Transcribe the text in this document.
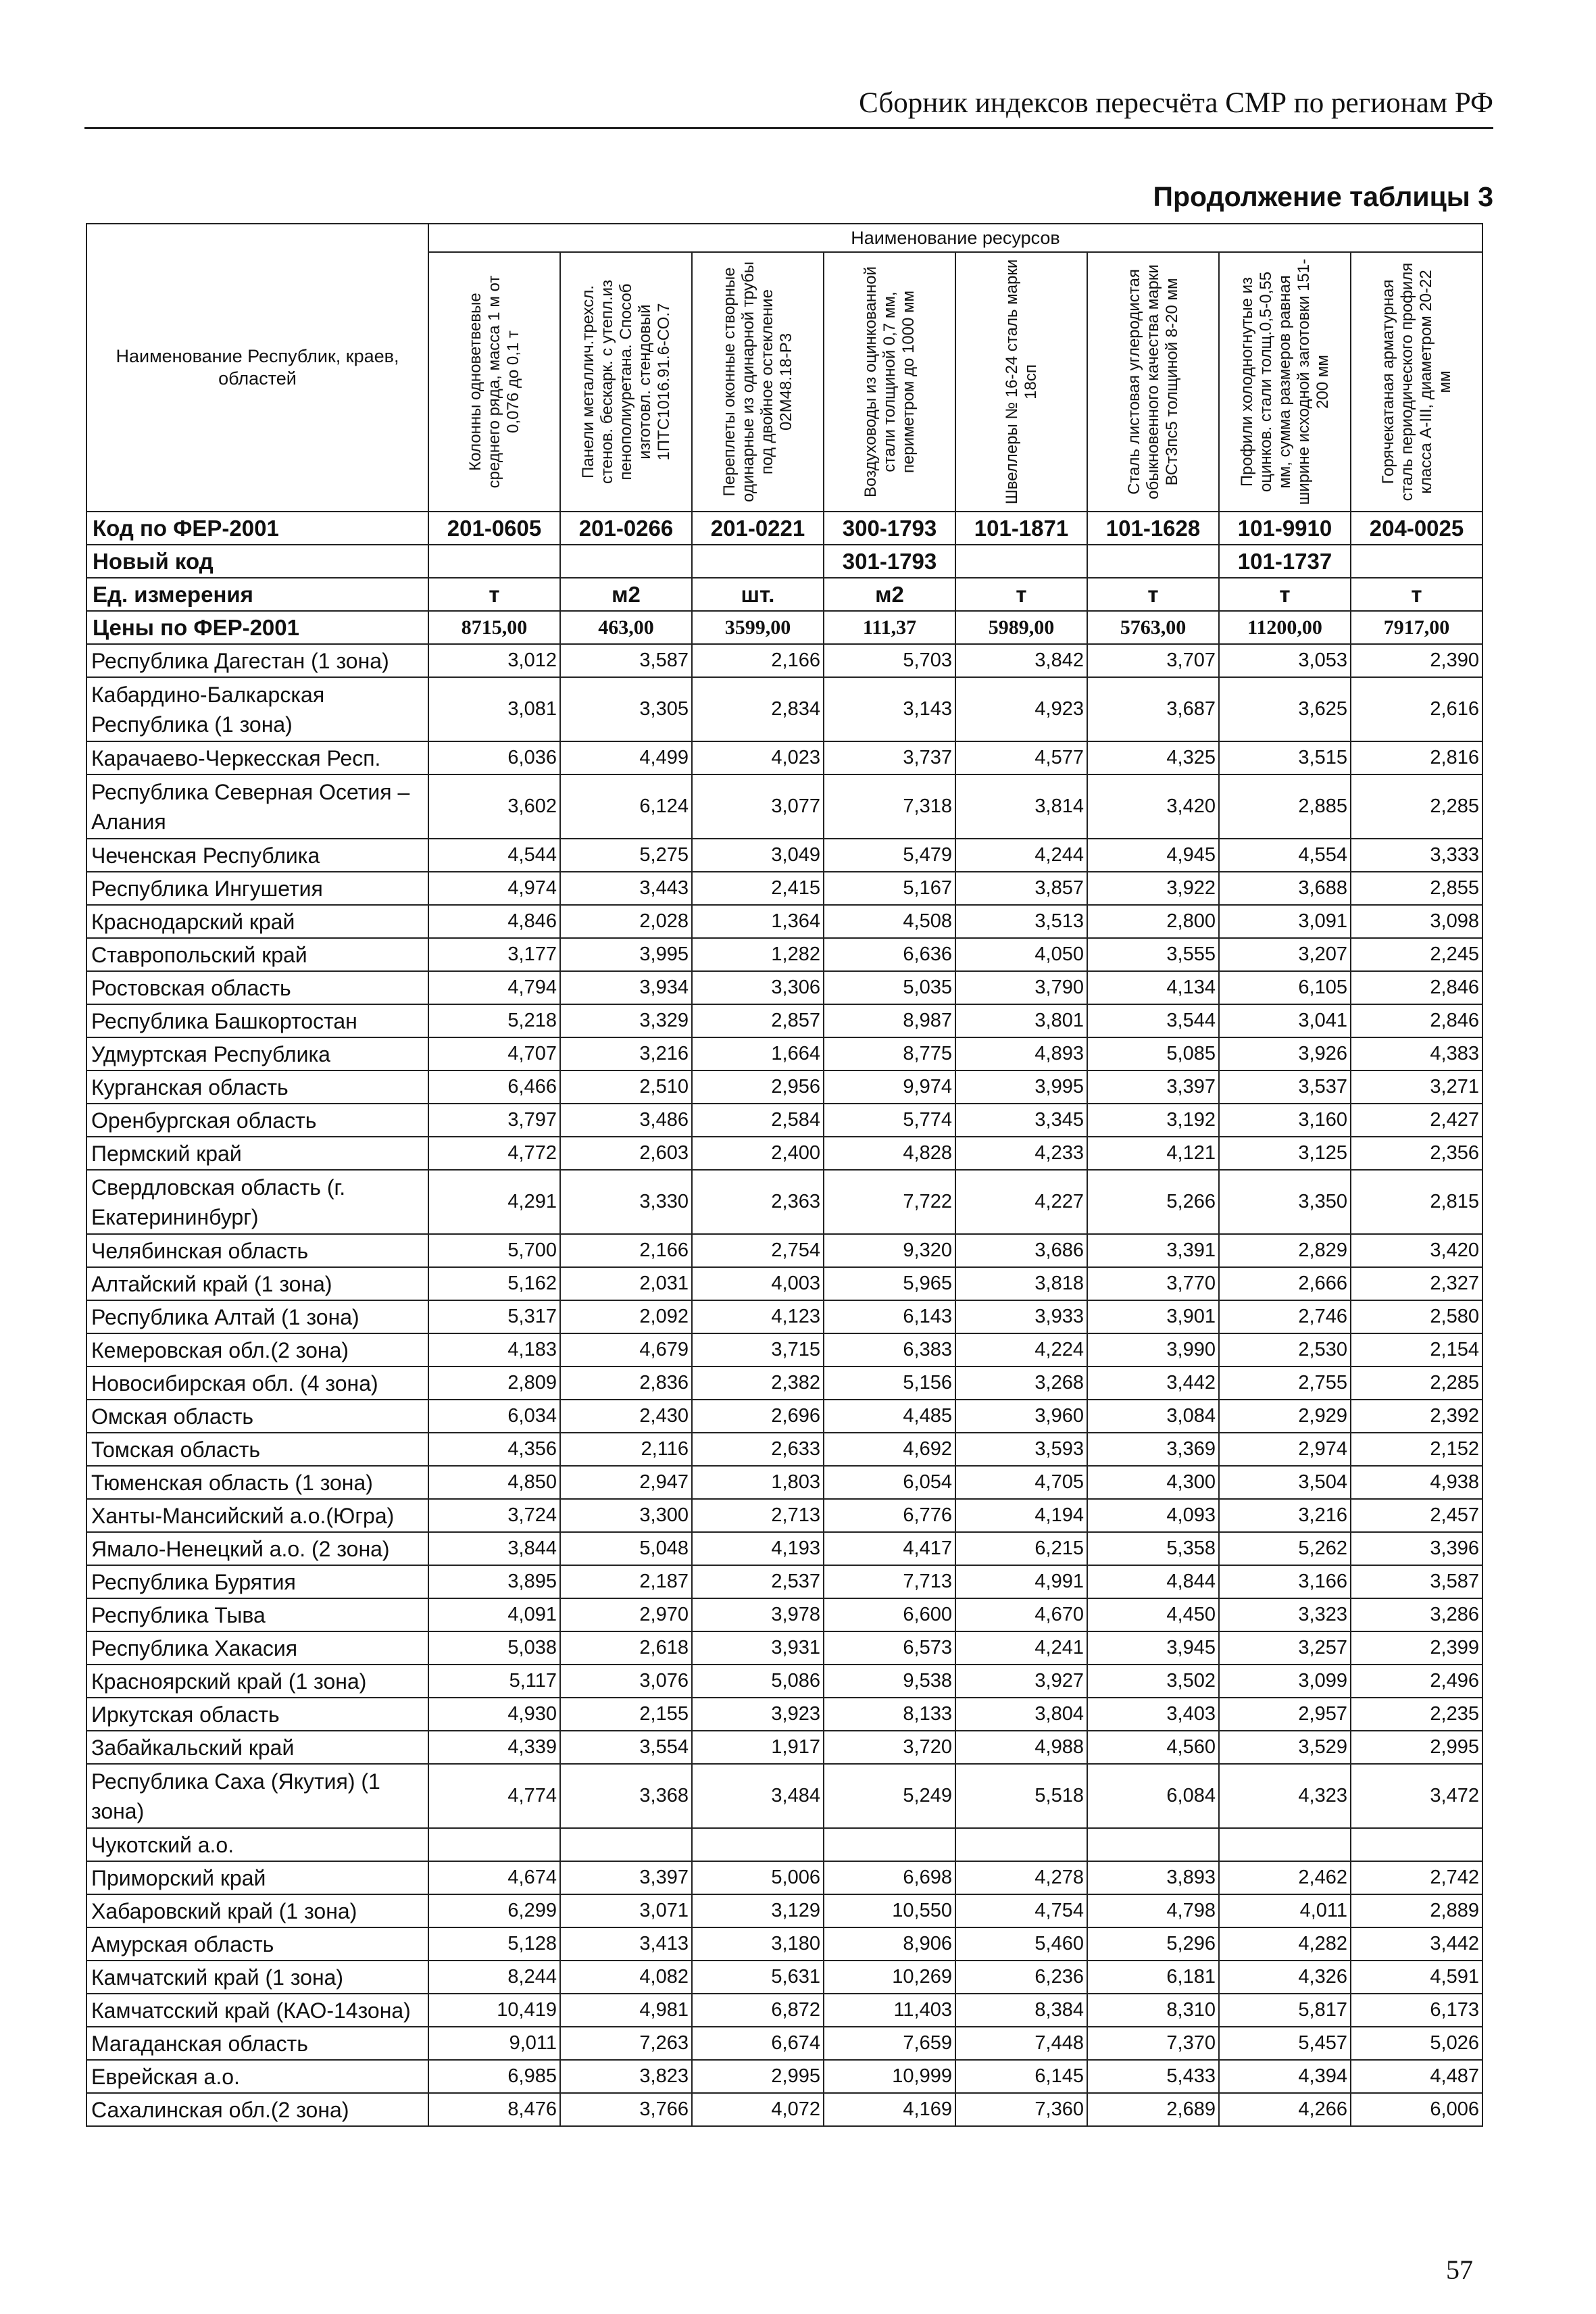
Сборник индексов пересчёта СМР по регионам РФ
Продолжение таблицы 3
Наименование Республик, краев, областей	Наименование ресурсов							

	Колонны одноветвевые среднего ряда, масса 1 м от 0,076 до 0,1 т	Панели металлич.трехсл. стенов. бескарк. с утепл.из пенополиуретана. Способ изготовл. стендовый 1ПТС1016.91.6-СО.7	Переплеты оконные створные одинарные из одинарной трубы под двойное остекление 02М48.18-Р3	Воздуховоды из оцинкованной стали толщиной 0,7 мм, периметром до 1000 мм	Швеллеры № 16-24 сталь марки 18сп	Сталь листовая углеродистая обыкновенного качества марки ВСт3пс5 толщиной 8-20 мм	Профили холодногнутые из оцинков. стали толщ.0,5-0,55 мм, сумма размеров равная ширине исходной заготовки 151-200 мм	Горячекатаная арматурная сталь периодического профиля класса А-III, диаметром 20-22 мм

Код по ФЕР-2001	201-0605	201-0266	201-0221	300-1793	101-1871	101-1628	101-9910	204-0025
Новый код				301-1793			101-1737	
Ед. измерения	т	м2	шт.	м2	т	т	т	т
Цены по ФЕР-2001	8715,00	463,00	3599,00	111,37	5989,00	5763,00	11200,00	7917,00
Республика Дагестан (1 зона)	3,012	3,587	2,166	5,703	3,842	3,707	3,053	2,390
Кабардино-Балкарская Республика (1 зона)	3,081	3,305	2,834	3,143	4,923	3,687	3,625	2,616
Карачаево-Черкесская Респ.	6,036	4,499	4,023	3,737	4,577	4,325	3,515	2,816
Республика Северная Осетия – Алания	3,602	6,124	3,077	7,318	3,814	3,420	2,885	2,285
Чеченская Республика	4,544	5,275	3,049	5,479	4,244	4,945	4,554	3,333
Республика Ингушетия	4,974	3,443	2,415	5,167	3,857	3,922	3,688	2,855
Краснодарский край	4,846	2,028	1,364	4,508	3,513	2,800	3,091	3,098
Ставропольский край	3,177	3,995	1,282	6,636	4,050	3,555	3,207	2,245
Ростовская область	4,794	3,934	3,306	5,035	3,790	4,134	6,105	2,846
Республика Башкортостан	5,218	3,329	2,857	8,987	3,801	3,544	3,041	2,846
Удмуртская Республика	4,707	3,216	1,664	8,775	4,893	5,085	3,926	4,383
Курганская область	6,466	2,510	2,956	9,974	3,995	3,397	3,537	3,271
Оренбургская область	3,797	3,486	2,584	5,774	3,345	3,192	3,160	2,427
Пермский край	4,772	2,603	2,400	4,828	4,233	4,121	3,125	2,356
Свердловская область (г. Екатерининбург)	4,291	3,330	2,363	7,722	4,227	5,266	3,350	2,815
Челябинская область	5,700	2,166	2,754	9,320	3,686	3,391	2,829	3,420
Алтайский край (1 зона)	5,162	2,031	4,003	5,965	3,818	3,770	2,666	2,327
Республика Алтай (1 зона)	5,317	2,092	4,123	6,143	3,933	3,901	2,746	2,580
Кемеровская обл.(2 зона)	4,183	4,679	3,715	6,383	4,224	3,990	2,530	2,154
Новосибирская обл. (4 зона)	2,809	2,836	2,382	5,156	3,268	3,442	2,755	2,285
Омская область	6,034	2,430	2,696	4,485	3,960	3,084	2,929	2,392
Томская область	4,356	2,116	2,633	4,692	3,593	3,369	2,974	2,152
Тюменская область (1 зона)	4,850	2,947	1,803	6,054	4,705	4,300	3,504	4,938
Ханты-Мансийский а.о.(Югра)	3,724	3,300	2,713	6,776	4,194	4,093	3,216	2,457
Ямало-Ненецкий а.о. (2 зона)	3,844	5,048	4,193	4,417	6,215	5,358	5,262	3,396
Республика Бурятия	3,895	2,187	2,537	7,713	4,991	4,844	3,166	3,587
Республика Тыва	4,091	2,970	3,978	6,600	4,670	4,450	3,323	3,286
Республика Хакасия	5,038	2,618	3,931	6,573	4,241	3,945	3,257	2,399
Красноярский край (1 зона)	5,117	3,076	5,086	9,538	3,927	3,502	3,099	2,496
Иркутская область	4,930	2,155	3,923	8,133	3,804	3,403	2,957	2,235
Забайкальский край	4,339	3,554	1,917	3,720	4,988	4,560	3,529	2,995
Республика Саха (Якутия) (1 зона)	4,774	3,368	3,484	5,249	5,518	6,084	4,323	3,472
Чукотский а.о.								
Приморский край	4,674	3,397	5,006	6,698	4,278	3,893	2,462	2,742
Хабаровский край (1 зона)	6,299	3,071	3,129	10,550	4,754	4,798	4,011	2,889
Амурская область	5,128	3,413	3,180	8,906	5,460	5,296	4,282	3,442
Камчатский край (1 зона)	8,244	4,082	5,631	10,269	6,236	6,181	4,326	4,591
Камчатсский край (КАО-14зона)	10,419	4,981	6,872	11,403	8,384	8,310	5,817	6,173
Магаданская область	9,011	7,263	6,674	7,659	7,448	7,370	5,457	5,026
Еврейская а.о.	6,985	3,823	2,995	10,999	6,145	5,433	4,394	4,487
Сахалинская обл.(2 зона)	8,476	3,766	4,072	4,169	7,360	2,689	4,266	6,006
57
